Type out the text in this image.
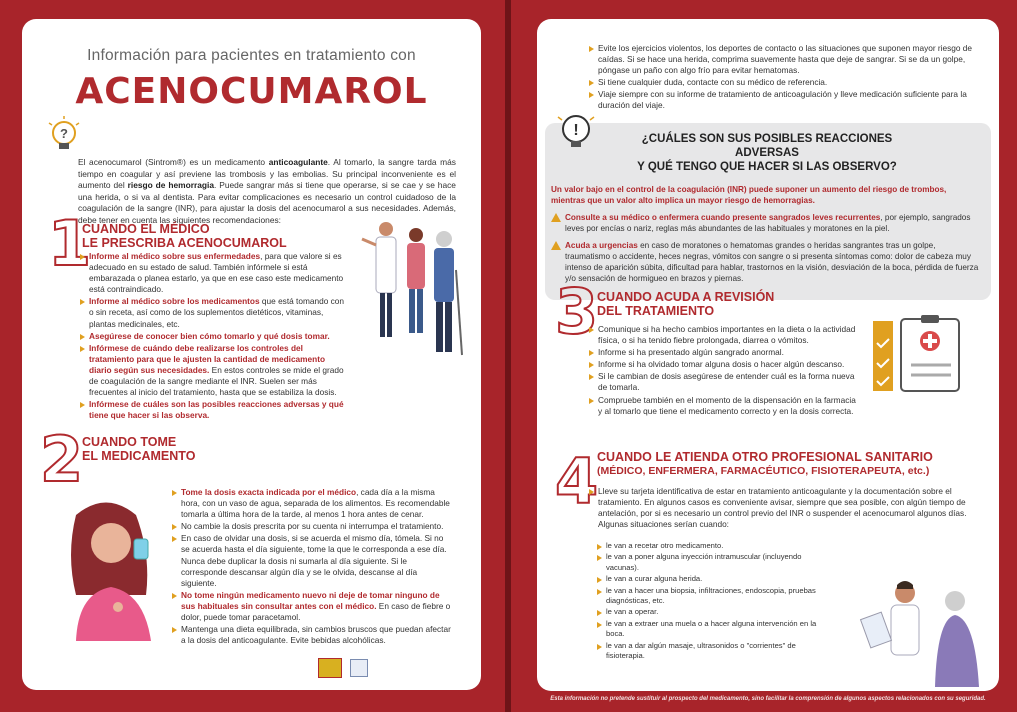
Información para pacientes en tratamiento con
ACENOCUMAROL
?
El acenocumarol (Sintrom®) es un medicamento anticoagulante. Al tomarlo, la sangre tarda más tiempo en coagular y así previene las trombosis y las embolias. Su principal inconveniente es el aumento del riesgo de hemorragia. Puede sangrar más si tiene que operarse, si se cae y se hace una herida, o si va al dentista. Para evitar complicaciones es necesario un control cuidadoso de la coagulación de la sangre (INR), para ajustar la dosis del acenocumarol a sus necesidades. Además, debe tener en cuenta las siguientes recomendaciones:
1
CUANDO EL MÉDICO
LE PRESCRIBA ACENOCUMAROL
Informe al médico sobre sus enfermedades, para que valore si es adecuado en su estado de salud. También infórmele si está embarazada o planea estarlo, ya que en ese caso este medicamento está contraindicado.
Informe al médico sobre los medicamentos que está tomando con o sin receta, así como de los suplementos dietéticos, vitaminas, plantas medicinales, etc.
Asegúrese de conocer bien cómo tomarlo y qué dosis tomar.
Infórmese de cuándo debe realizarse los controles del tratamiento para que le ajusten la cantidad de medicamento diario según sus necesidades. En estos controles se mide el grado de coagulación de la sangre mediante el INR. Suelen ser más frecuentes al inicio del tratamiento, hasta que se estabiliza la dosis.
Infórmese de cuáles son las posibles reacciones adversas y qué tiene que hacer si las observa.
2
CUANDO TOME
EL MEDICAMENTO
Tome la dosis exacta indicada por el médico, cada día a la misma hora, con un vaso de agua, separada de los alimentos. Es recomendable tomarla a última hora de la tarde, al menos 1 hora antes de cenar.
No cambie la dosis prescrita por su cuenta ni interrumpa el tratamiento.
En caso de olvidar una dosis, si se acuerda el mismo día, tómela. Si no se acuerda hasta el día siguiente, tome la que le corresponda a ese día. Nunca debe duplicar la dosis ni sumarla al día siguiente. Si le corresponde descansar algún día y se le olvida, descanse al día siguiente.
No tome ningún medicamento nuevo ni deje de tomar ninguno de sus habituales sin consultar antes con el médico. En caso de fiebre o dolor, puede tomar paracetamol.
Mantenga una dieta equilibrada, sin cambios bruscos que puedan afectar a la dosis del anticoagulante. Evite bebidas alcohólicas.
Evite los ejercicios violentos, los deportes de contacto o las situaciones que suponen mayor riesgo de caídas. Si se hace una herida, comprima suavemente hasta que deje de sangrar. Si se da un golpe, póngase un paño con algo frío para evitar hematomas.
Si tiene cualquier duda, contacte con su médico de referencia.
Viaje siempre con su informe de tratamiento de anticoagulación y lleve medicación suficiente para la duración del viaje.
!	¿CUÁLES SON SUS POSIBLES REACCIONES ADVERSAS
Y QUÉ TENGO QUE HACER SI LAS OBSERVO?
Un valor bajo en el control de la coagulación (INR) puede suponer un aumento del riesgo de trombos, mientras que un valor alto implica un mayor riesgo de hemorragias.
Consulte a su médico o enfermera cuando presente sangrados leves recurrentes, por ejemplo, sangrados leves por encías o nariz, reglas más abundantes de las habituales y moratones en la piel.
Acuda a urgencias en caso de moratones o hematomas grandes o heridas sangrantes tras un golpe, traumatismo o accidente, heces negras, vómitos con sangre o si presenta síntomas como: dolor de cabeza muy intenso de aparición súbita, dificultad para hablar, trastornos en la visión, desviación de la boca, pérdida de fuerza y/o sensación de hormigueo en brazos y piernas.
3
CUANDO ACUDA A REVISIÓN
DEL TRATAMIENTO
Comunique si ha hecho cambios importantes en la dieta o la actividad física, o si ha tenido fiebre prolongada, diarrea o vómitos.
Informe si ha presentado algún sangrado anormal.
Informe si ha olvidado tomar alguna dosis o hacer algún descanso.
Si le cambian de dosis asegúrese de entender cuál es la forma nueva de tomarla.
Compruebe también en el momento de la dispensación en la farmacia y al tomarlo que tiene el medicamento correcto y en la dosis correcta.
4
CUANDO LE ATIENDA OTRO PROFESIONAL SANITARIO
(MÉDICO, ENFERMERA, FARMACÉUTICO, FISIOTERAPEUTA, etc.)
Lleve su tarjeta identificativa de estar en tratamiento anticoagulante y la documentación sobre el tratamiento. En algunos casos es conveniente avisar, siempre que sea posible, con algún tiempo de antelación, por si es necesario un control previo del INR o suspender el acenocumarol algunos días. Algunas situaciones serían cuando:
le van a recetar otro medicamento.
le van a poner alguna inyección intramuscular (incluyendo vacunas).
le van a curar alguna herida.
le van a hacer una biopsia, infiltraciones, endoscopia, pruebas diagnósticas, etc.
le van a operar.
le van a extraer una muela o a hacer alguna intervención en la boca.
le van a dar algún masaje, ultrasonidos o "corrientes" de fisioterapia.
Esta información no pretende sustituir al prospecto del medicamento, sino facilitar la comprensión de algunos aspectos relacionados con su seguridad.
